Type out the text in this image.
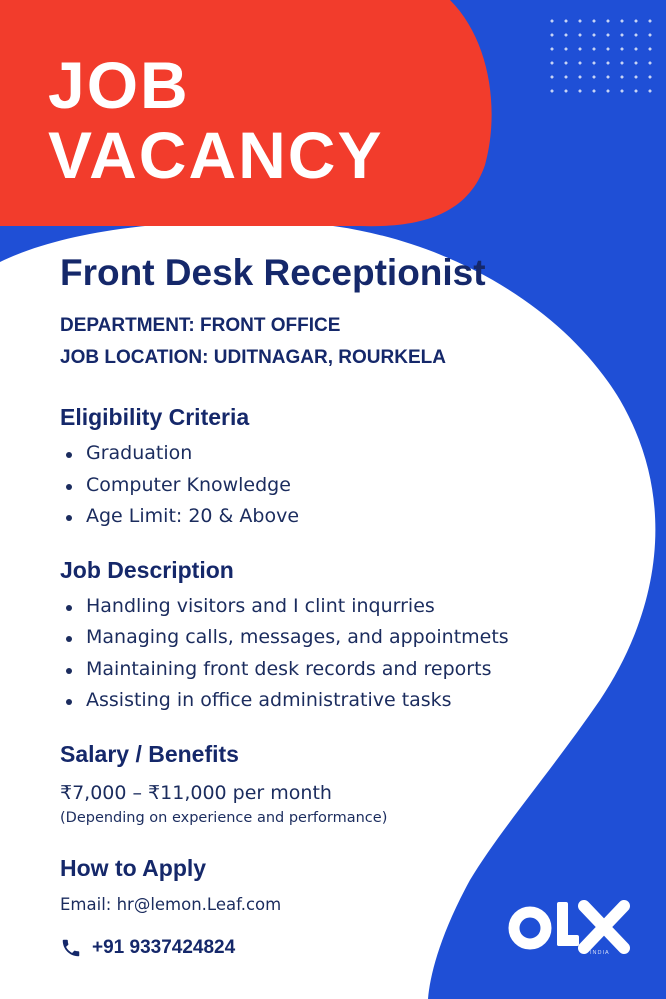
JOB
VACANCY
Front Desk Receptionist
DEPARTMENT: FRONT OFFICE
JOB LOCATION: UDITNAGAR, ROURKELA
Eligibility Criteria
Graduation
Computer Knowledge
Age Limit: 20 & Above
Job Description
Handling visitors and I clint inqurries
Managing calls, messages, and appointmets
Maintaining front desk records and reports
Assisting in office administrative tasks
Salary / Benefits
₹7,000 – ₹11,000 per month
(Depending on experience and performance)
How to Apply
Email: hr@lemon.Leaf.com
+91 9337424824	INDIA
